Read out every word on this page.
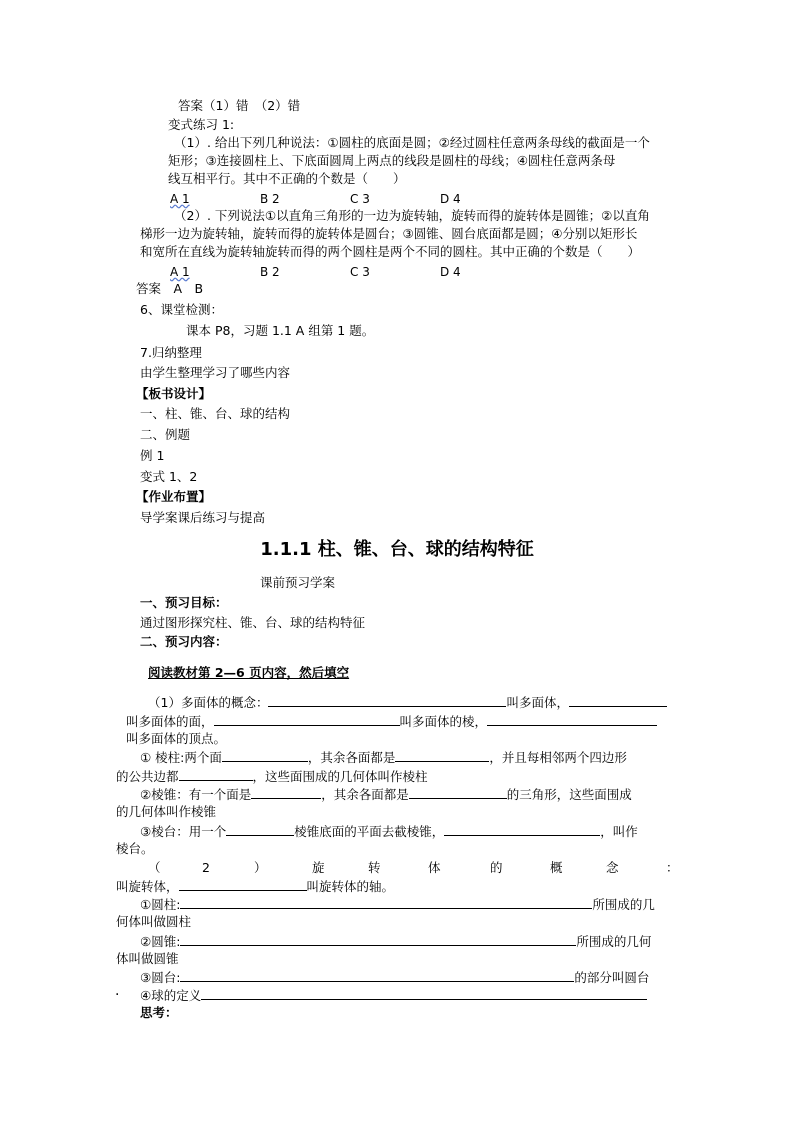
答案（1）错　（2）错
变式练习 1:
（1）. 给出下列几种说法：①圆柱的底面是圆；②经过圆柱任意两条母线的截面是一个
矩形；③连接圆柱上、下底面圆周上两点的线段是圆柱的母线；④圆柱任意两条母
线互相平行。其中不正确的个数是（　　）
A 1	B 2	C 3	D 4
（2）. 下列说法①以直角三角形的一边为旋转轴，旋转而得的旋转体是圆锥；②以直角
梯形一边为旋转轴，旋转而得的旋转体是圆台；③圆锥、圆台底面都是圆；④分别以矩形长
和宽所在直线为旋转轴旋转而得的两个圆柱是两个不同的圆柱。其中正确的个数是（　　）
A 1	B 2	C 3	D 4
答案　A　B
6、课堂检测：
课本 P8，习题 1.1 A 组第 1 题。
7.归纳整理
由学生整理学习了哪些内容
【板书设计】
一、柱、锥、台、球的结构
二、例题
例 1
变式 1、2
【作业布置】
导学案课后练习与提高
1.1.1 柱、锥、台、球的结构特征
课前预习学案
一、预习目标：
通过图形探究柱、锥、台、球的结构特征
二、预习内容：
阅读教材第 2—6 页内容，然后填空
（1）多面体的概念：	叫多面体，
叫多面体的面，	叫多面体的棱，
叫多面体的顶点。
① 棱柱:两个面	，其余各面都是	，并且每相邻两个四边形
的公共边都	，这些面围成的几何体叫作棱柱
②棱锥：有一个面是	，其余各面都是	的三角形，这些面围成
的几何体叫作棱锥
③棱台：用一个	棱锥底面的平面去截棱锥，	，叫作
棱台。
（	2	）	旋	转	体	的	概	念	：
叫旋转体，	叫旋转体的轴。
①圆柱:	所围成的几
何体叫做圆柱
②圆锥:	所围成的几何
体叫做圆锥
③圆台:	的部分叫圆台
. ④球的定义
思考：
